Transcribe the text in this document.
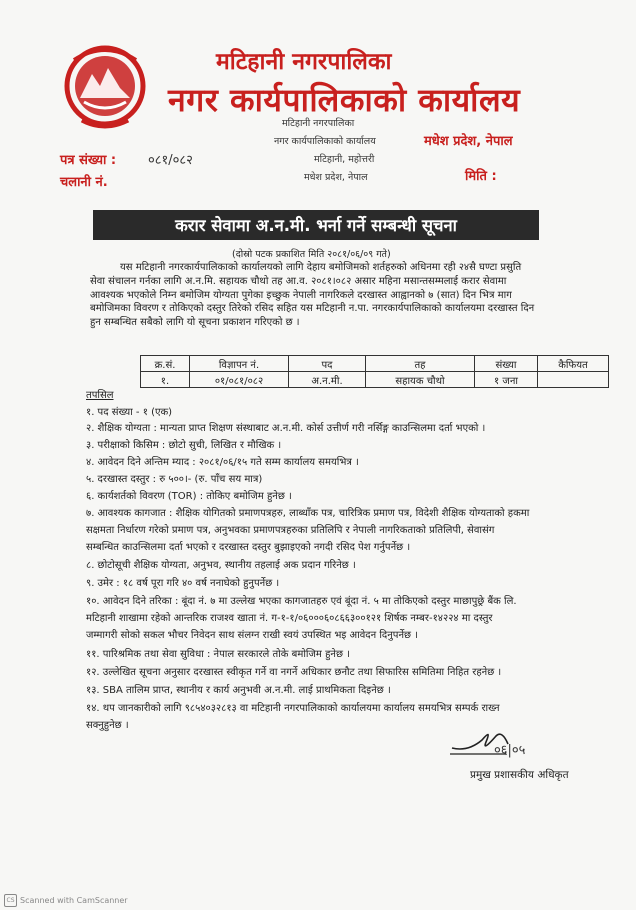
मटिहानी नगरपालिका
नगर कार्यपालिकाको कार्यालय
मधेश प्रदेश, नेपाल
मटिहानी नगरपालिका
नगर कार्यपालिकाको कार्यालय
मटिहानी, महोत्तरी
मधेश प्रदेश, नेपाल
पत्र संख्या : ०८१/०८२
चलानी नं.	मिति :
करार सेवामा अ.न.मी. भर्ना गर्ने सम्बन्धी सूचना
(दोस्रो पटक प्रकाशित मिति २०८१/०६/०९ गते)
यस मटिहानी नगरकार्यपालिकाको कार्यालयको लागि देहाय बमोजिमको शर्तहरुको अधिनमा रही २४सै घण्टा प्रसुति
सेवा संचालन गर्नका लागि अ.न.मि. सहायक चौथो तह आ.व. २०८१।०८२ असार महिना मसान्तसम्मलाई करार सेवामा
आवश्यक भएकोले निम्न बमोजिम योग्यता पुगेका इच्छुक नेपाली नागरिकले दरखास्त आह्वानको ७ (सात) दिन भित्र माग
बमोजिमका विवरण र तोकिएको दस्तुर तिरेको रसिद सहित यस मटिहानी न.पा. नगरकार्यपालिकाको कार्यालयमा दरखास्त दिन
हुन सम्बन्धित सबैको लागि यो सूचना प्रकाशन गरिएको छ ।
क्र.सं.	विज्ञापन नं.	पद	तह	संख्या	कैफियत
१.	०१/०८१/०८२	अ.न.मी.	सहायक चौथो	१ जना	
तपसिल
१. पद संख्या - १ (एक)
२. शैक्षिक योग्यता : मान्यता प्राप्त शिक्षण संस्थाबाट अ.न.मी. कोर्स उत्तीर्ण गरी नर्सिङ्ग काउन्सिलमा दर्ता भएको ।
३. परीक्षाको किसिम : छोटो सुची, लिखित र मौखिक ।
४. आवेदन दिने अन्तिम म्याद : २०८१/०६/१५ गते सम्म कार्यालय समयभित्र ।
५. दरखास्त दस्तुर : रु ५००।- (रु. पाँच सय मात्र)
६. कार्यशर्तको विवरण (TOR) : तोकिए बमोजिम हुनेछ ।
७. आवश्यक कागजात : शैक्षिक योगितको प्रमाणपत्रहरु, लाब्धाँक पत्र, चारित्रिक प्रमाण पत्र, विदेशी शैक्षिक योग्यताको हकमा
सक्षमता निर्धारण गरेको प्रमाण पत्र, अनुभवका प्रमाणपत्रहरुका प्रतिलिपि र नेपाली नागरिकताको प्रतिलिपी, सेवासंग
सम्बन्धित काउन्सिलमा दर्ता भएको र दरखास्त दस्तुर बुझाइएको नगदी रसिद पेश गर्नुपर्नेछ ।
८. छोटोसूची शैक्षिक योग्यता, अनुभव, स्थानीय तहलाई अक प्रदान गरिनेछ ।
९. उमेर : १८ वर्ष पूरा गरि ४० वर्ष ननाघेको हुनुपर्नेछ ।
१०. आवेदन दिने तरिका : बूंदा नं. ७ मा उल्लेख भएका कागजातहरु एवं बूंदा नं. ५ मा तोकिएको दस्तुर माछापुछ्रे बैंक लि.
मटिहानी शाखामा रहेको आन्तरिक राजश्व खाता नं. ग-१-१/०६०००६०८६६३००१२१ शिर्षक नम्बर-१४२२४ मा दस्तुर
जम्मागरी सोको सकल भौचर निवेदन साथ संलग्न राखी स्वयं उपस्थित भइ आवेदन दिनुपर्नेछ ।
११. पारिश्रमिक तथा सेवा सुविधा : नेपाल सरकारले तोके बमोजिम हुनेछ ।
१२. उल्लेखित सूचना अनुसार दरखास्त स्वीकृत गर्ने वा नगर्ने अधिकार छनौट तथा सिफारिस समितिमा निहित रहनेछ ।
१३. SBA तालिम प्राप्त, स्थानीय र कार्य अनुभवी अ.न.मी. लाई प्राथमिकता दिइनेछ ।
१४. थप जानकारीको लागि ९८५४०३२८१३ वा मटिहानी नगरपालिकाको कार्यालयमा कार्यालय समयभित्र सम्पर्क राख्न
सक्नुहुनेछ ।
०६|०५
प्रमुख प्रशासकीय अधिकृत
CS Scanned with CamScanner
